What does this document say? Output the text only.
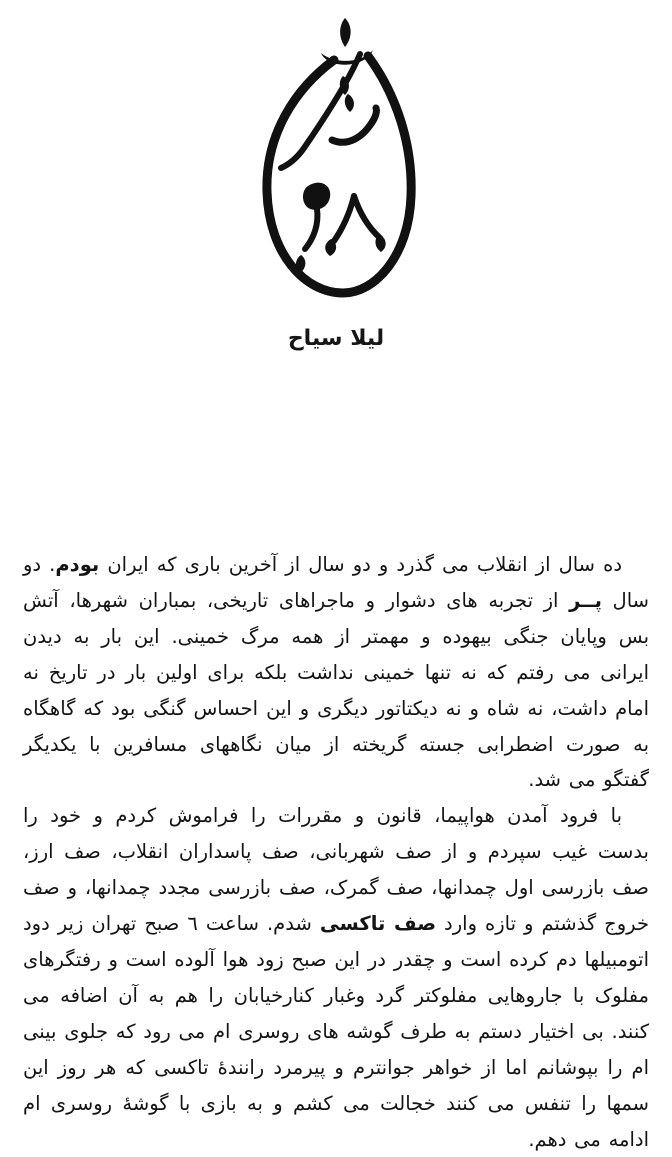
لیلا سیاح

ده سال از انقلاب می گذرد و دو سال از آخرین باری که ایران بودم. دو سال پــر از تجربه های دشوار و ماجراهای تاریخی، بمباران شهرها، آتش بس وپایان جنگی بیهوده و مهمتر از همه مرگ خمینی. این بار به دیدن ایرانی می رفتم که نه تنها خمینی نداشت بلکه برای اولین بار در تاریخ نه امام داشت، نه شاه و نه دیکتاتور دیگری و این احساس گنگی بود که گاهگاه به صورت اضطرابی جسته گریخته از میان نگاههای مسافرین با یکدیگر گفتگو می شد.

با فرود آمدن هواپیما، قانون و مقررات را فراموش کردم و خود را بدست غیب سپردم و از صف شهربانی، صف پاسداران انقلاب، صف ارز، صف بازرسی اول چمدانها، صف گمرک، صف بازرسی مجدد چمدانها، و صف خروج گذشتم و تازه وارد صف تاکسی شدم. ساعت ٦ صبح تهران زیر دود اتومبیلها دم کرده است و چقدر در این صبح زود هوا آلوده است و رفتگرهای مفلوک با جاروهایی مفلوکتر گرد وغبار کنارخیابان را هم به آن اضافه می کنند. بی اختیار دستم به طرف گوشه های روسری ام می رود که جلوی بینی ام را بپوشانم اما از خواهر جوانترم و پیرمرد رانندهٔ تاکسی که هر روز این سمها را تنفس می کنند خجالت می کشم و به بازی با گوشهٔ روسری ام ادامه می دهم.
